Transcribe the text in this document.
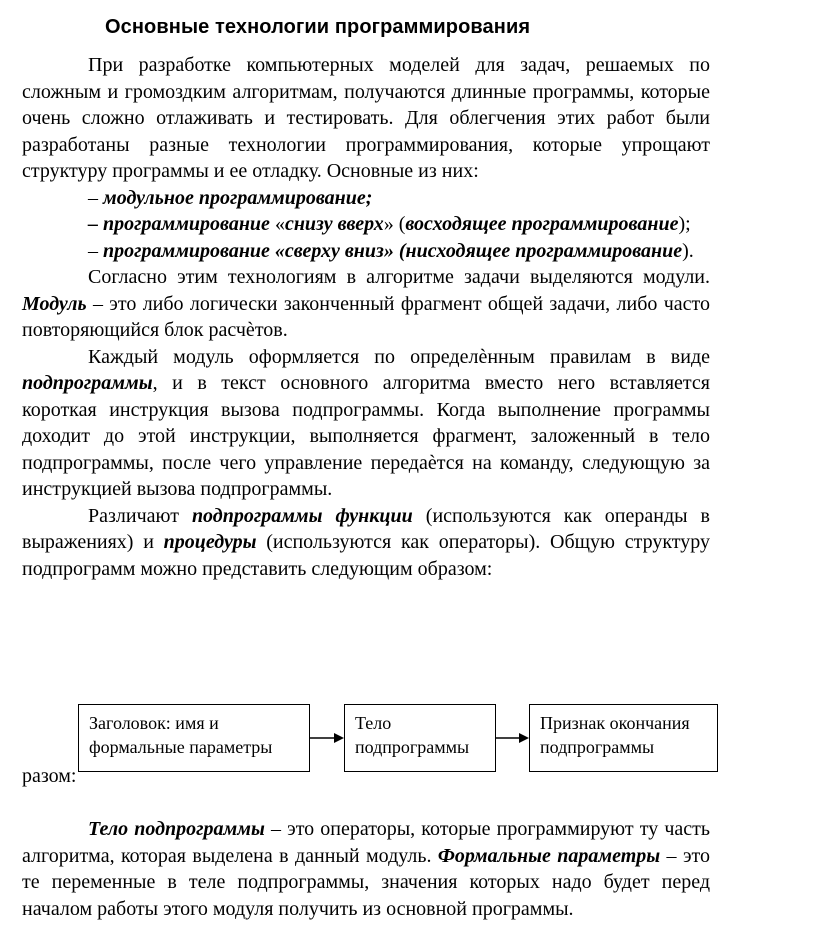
Основные технологии программирования

При разработке компьютерных моделей для задач, решаемых по сложным и громоздким алгоритмам, получаются длинные программы, которые очень сложно отлаживать и тестировать. Для облегчения этих работ были разработаны разные технологии программирования, которые упрощают структуру программы и ее отладку. Основные из них:

– модульное программирование;

– программирование «снизу вверх» (восходящее программирование);

– программирование «сверху вниз» (нисходящее программирование).

Согласно этим технологиям в алгоритме задачи выделяются модули. Модуль – это либо логически законченный фрагмент общей задачи, либо часто повторяющийся блок расчѐтов.

Каждый модуль оформляется по определѐнным правилам в виде подпрограммы, и в текст основного алгоритма вместо него вставляется короткая инструкция вызова подпрограммы. Когда выполнение программы доходит до этой инструкции, выполняется фрагмент, заложенный в тело подпрограммы, после чего управление передаѐтся на команду, следующую за инструкцией вызова подпрограммы.

Различают подпрограммы функции (используются как операнды в выражениях) и процедуры (используются как операторы). Общую структуру подпрограмм можно представить следующим образом:

Заголовок: имя и формальные параметры
Тело подпрограммы
Признак окончания подпрограммы

разом:

Тело подпрограммы – это операторы, которые программируют ту часть алгоритма, которая выделена в данный модуль. Формальные параметры – это те переменные в теле подпрограммы, значения которых надо будет перед началом работы этого модуля получить из основной программы.
